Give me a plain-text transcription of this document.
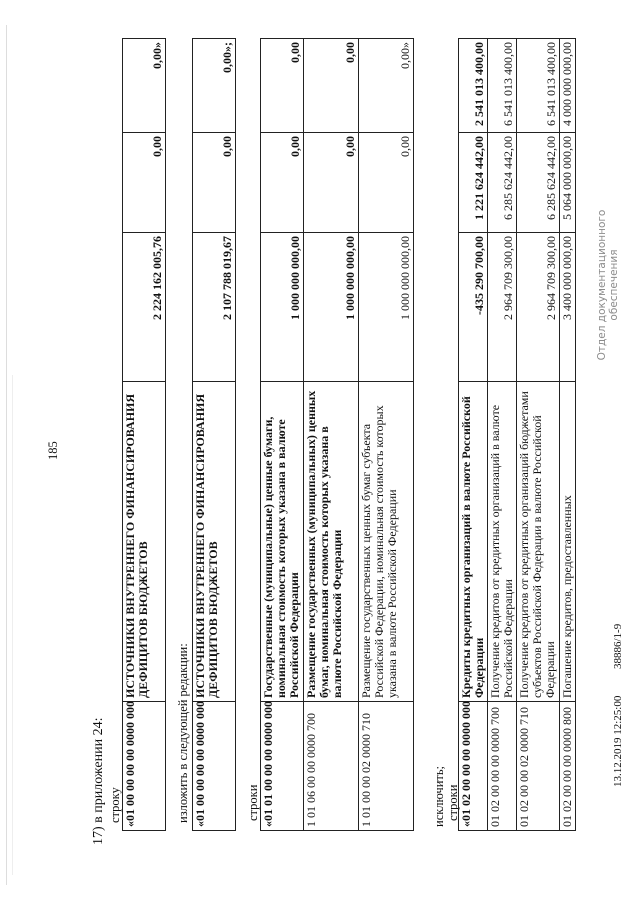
185
17) в приложении 24: строку «01 00 00 00 00 0000 000	ИСТОЧНИКИ ВНУТРЕННЕГО ФИНАНСИРОВАНИЯ ДЕФИЦИТОВ БЮДЖЕТОВ	2 224 162 005,76	0,00	0,00»
изложить в следующей редакции: «01 00 00 00 00 0000 000	ИСТОЧНИКИ ВНУТРЕННЕГО ФИНАНСИРОВАНИЯ ДЕФИЦИТОВ БЮДЖЕТОВ	2 107 788 019,67	0,00	0,00»;
строки «01 01 00 00 00 0000 000	Государственные (муниципальные) ценные бумаги, номинальная стоимость которых указана в валюте Российской Федерации	1 000 000 000,00	0,00	0,00
1 01 06 00 00 0000 700	Размещение государственных (муниципальных) ценных бумаг, номинальная стоимость которых указана в валюте Российской Федерации	1 000 000 000,00	0,00	0,00
1 01 00 00 02 0000 710	Размещение государственных ценных бумаг субъекта Российской Федерации, номинальная стоимость которых указана в валюте Российской Федерации	1 000 000 000,00	0,00	0,00»
исключить; строки «01 02 00 00 00 0000 000	Кредиты кредитных организаций в валюте Российской Федерации	-435 290 700,00	1 221 624 442,00	2 541 013 400,00
01 02 00 00 00 0000 700	Получение кредитов от кредитных организаций в валюте Российской Федерации	2 964 709 300,00	6 285 624 442,00	6 541 013 400,00
01 02 00 00 02 0000 710	Получение кредитов от кредитных организаций бюджетами субъектов Российской Федерации в валюте Российской Федерации	2 964 709 300,00	6 285 624 442,00	6 541 013 400,00
01 02 00 00 00 0000 800	Погашение кредитов, предоставленных	3 400 000 000,00	5 064 000 000,00	4 000 000 000,00
13.12.2019 12:25:00
38886/1-9
Отдел документационного обеспечения
